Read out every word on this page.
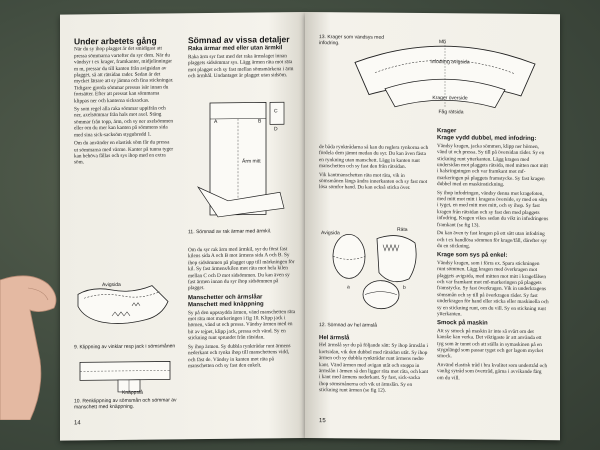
Under arbetets gång

När du sy ihop plagget är det smidigast att pressa sömmarna vartefter du syr dem. När du vändsyr t ex krager, framkanter, midjelinningar m m, pressar du till kanten från avigsidan av plagget, så att rätsidan rader. Sedan är det mycket lättare att sy jämna och fina stickningar. Tidigare gjorda sömmar pressas isär innan du fortsätter. Efter att pressat kan sömmarna klippas ner och kanterna sicksackas.

Sy som regel alla raka sömmar uppifrån och ner, axelsömmar från hals mot axel. Stäng sömmar från topp, ärm, och sy ner axelsömmen eller om du mer kan kanten på sömmens sida med sina sick-sacksöm stygnbredd 1.

Om du använder en elastisk söm får du pressa ut sömmarna med värme. Kanter på tunna tyger kan behöva fållas och sys ihop med en extra söm.

Avigsida
9. Klippning av vinklar resp jack i sömsmånen
Knäppslå
10. Renklippning av sömsmån och sömmar av manschett med knäppning.
14
Sömnad av vissa detaljer
Raka ärmar med eller utan ärmkil

Raka ärm syr fast med det raka ärmslaget innan plaggets sidsömmar sys. Lägg ärmen räta mot räta mot plagget och sy fast mellan sömsmärkena i ärm och ärmhål. Undantaget är plagget utan sidsöm.

A	B
C
D
Ärm mitt
11. Sömnad av rak ärmar med ärmkil.

Om du syr rak ärm med ärmkil, syr du först fast kilens sida A och B mot ärmens sida A och B. Sy ihop sidsömmen på plagget upp till märkningen för kil. Sy fast ärmens/kilen mot räta mot hela kilen mellan C och D mot sidsömmen. Du kan även sy fast ärmen innan du syr ihop sidsömmen på plagget.

Manschetter och ärmslåar
Manschett med knäppning

Sy på den uppsaydda ärmen, vänd manschetten räta mot räta mot markeringen i fig 10. Klipp jack i hörnen, vänd ut och pressa. Vändsy ärmen med en bit av tejpet, klipp jack, pressa och vänd. Sy en stickning runt sprundet från rätsidan.

Sy ihop ärmen. Sy dubbla rynktrådar runt ärmens nederkant och rynka ihop till manschettens vidd, och fäst de. Vändsy in kanten mot räta på manschetten och sy fast den enkelt.

Avigsida
Räta
a	b
12. Sömnad av hel ärmslå

de båda rynktrådarna så kan du reglera rynkorna och fördela dem jämnt medan du syr. Du kan även fästa en rynkning utan manschett. Lägg in kanten runt manschetten och sy fast den från rätsidan.

Vik kantmanschetten räta mot räta, vik in sömsmånen längs ändra innerkanten och sy fast mot lösa sömfor hand. Du kan också sticka över.

Hel ärmslå

Hel ärmslå syr du på följande sätt: Sy ihop ärmslån i kortsidan, vik den dubbel med rätsidan utåt. Sy ihop ärmen och sy dubbla rynktrådar runt ärmens nedre kant. Vänd ärmen med avigan utåt och stoppa in ärmslån i ärmen så den ligger räta mot räta, och kant i kant med ärmens nederkant. Sy fast, sick-sacka ihop sömsmånerna och vik ut ärmslån. Sy en stickning runt ärmen (se fig 12).

13. Krager som vändsys med infodring.	Mb
Infodring avigsida
Krager överside
Fåg rätsida
Krager
Krage vydd dubbel, med infodring:

Vändsy kragen, jacka sömmen, klipp ner hörnen, vänd ut och pressa. Sy till på översidan räder. Sy en stickning runt ytterkanten. Lägg kragen med undersidan mot plaggets rätsida, med mitten mot mitt i halsringningen och var framkant mot mf-markeringen på plaggets framstycke. Sy fast kragen dubbel med en maskinstickning.

Sy ihop infodringen, vändsy denna mot kragefoten, med mitt mot mitt i kragens överside, sy med en söm i tyget, en med mitt mot mitt, och sy ihop. Sy fast kragen från rätsidan och sy fast den med plaggets infodring. Kragen vikes sedan du vikt in infodringens framkant (se fig 13).

Du kan även ty fast kragen på ett sätt utan infodring och t ex bandlösa sömmen för krage/fåll, därefter syr du en stickning.

Krage som sys på enkel:

Vändsy kragen, som i förra ex. Spara stickningen runt sömmen. Lägg kragen med överkragen mot plaggets avigsida, med mitten mot mitt i kragefålsen och var framkant mot mf-markeringen på plaggets framstycke. Sy fast överkragen. Vik in underkragens sömsmån och sy till på överkragen räder. Sy fast underkragen för hand eller sticka eller maskinella och sy en stickning runt, om du vill. Sy en stickning runt ytterkanten.

Smock på maskin

Att sy smock på maskin är inte så svårt om det kanske kan verka. Det viktigaste är att använda ett tyg som är tunnt och att ställa in symaskinen på en stygnlängd som passar tyget och ger lagom mycket smock.

Använd elastisk tråd i bra kvalitet som undertråd och vanlig sytråd som övertråd, gärna i avvikande färg om du vill.

15
